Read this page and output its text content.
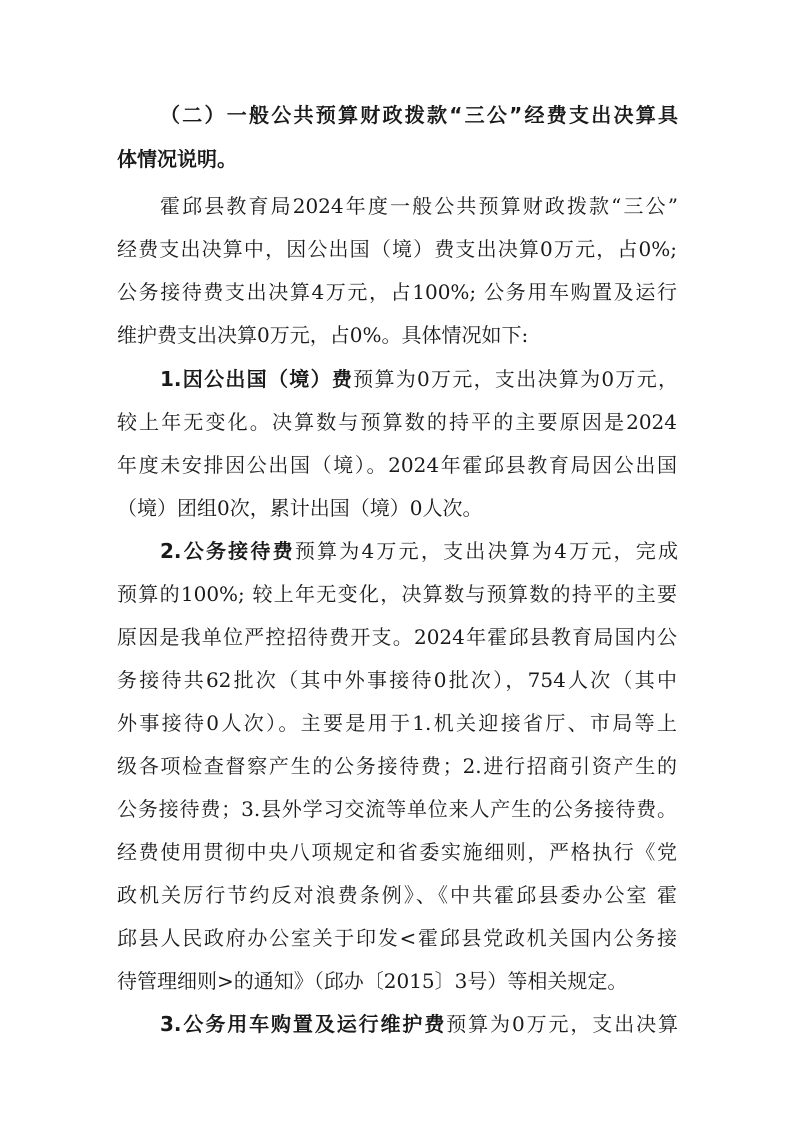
（二）一般公共预算财政拨款“三公”经费支出决算具
体情况说明。
霍邱县教育局2024年度一般公共预算财政拨款“三公”
经费支出决算中，因公出国（境）费支出决算0万元，占0%;
公务接待费支出决算4万元，占100%; 公务用车购置及运行
维护费支出决算0万元，占0%。具体情况如下:
1.因公出国（境）费预算为0万元，支出决算为0万元，
较上年无变化。决算数与预算数的持平的主要原因是2024
年度未安排因公出国（境）。2024年霍邱县教育局因公出国
（境）团组0次，累计出国（境）0人次。
2.公务接待费预算为4万元，支出决算为4万元，完成
预算的100%; 较上年无变化，决算数与预算数的持平的主要
原因是我单位严控招待费开支。2024年霍邱县教育局国内公
务接待共62批次（其中外事接待0批次），754人次（其中
外事接待0人次）。主要是用于1.机关迎接省厅、市局等上
级各项检查督察产生的公务接待费；2.进行招商引资产生的
公务接待费；3.县外学习交流等单位来人产生的公务接待费。
经费使用贯彻中央八项规定和省委实施细则，严格执行《党
政机关厉行节约反对浪费条例》、《中共霍邱县委办公室 霍
邱县人民政府办公室关于印发<霍邱县党政机关国内公务接
待管理细则>的通知》（邱办〔2015〕3号）等相关规定。
3.公务用车购置及运行维护费预算为0万元，支出决算
